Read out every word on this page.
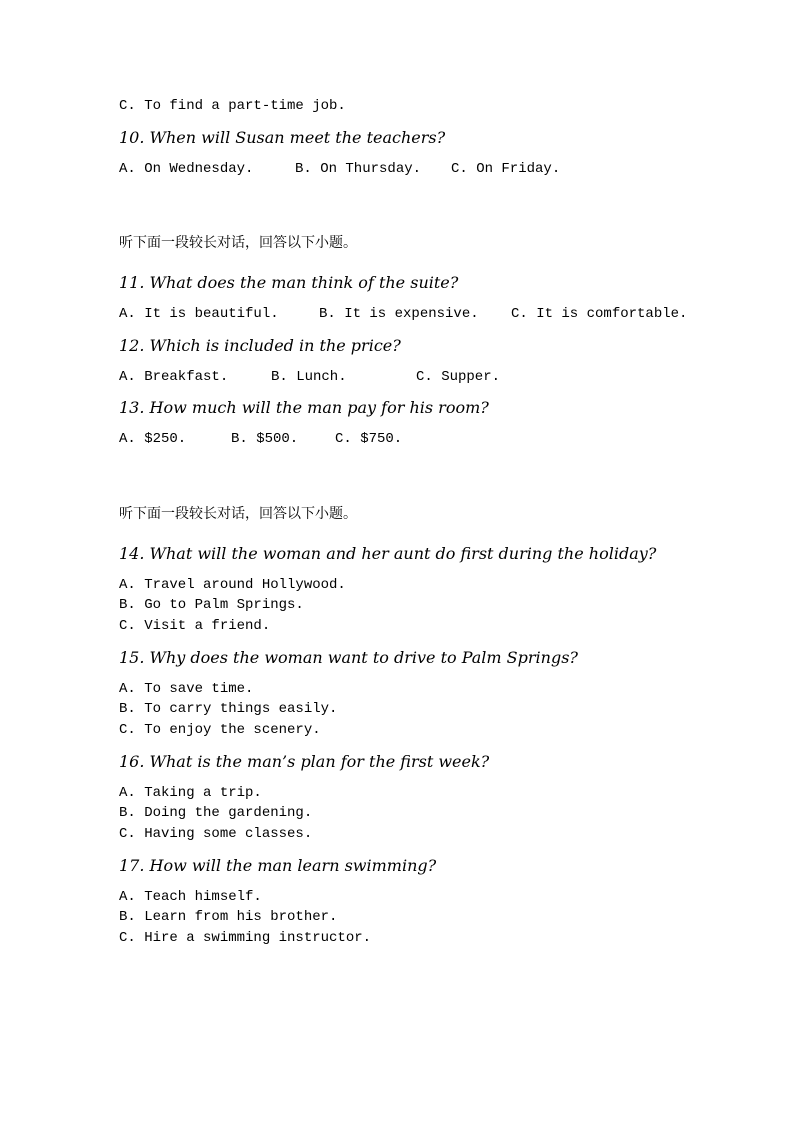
C. To find a part-time job.
10. When will Susan meet the teachers?

A. On Wednesday.

	B. On Thursday.

C. On Friday.

听下面一段较长对话，回答以下小题。
11. What does the man think of the suite?

A. It is beautiful.

	B. It is expensive.

C. It is comfortable.

12. Which is included in the price?

A. Breakfast.

	B. Lunch.

	C. Supper.

13. How much will the man pay for his room?

A. $250.

	B. $500.

	C. $750.

听下面一段较长对话，回答以下小题。
14. What will the woman and her aunt do first during the holiday?
A. Travel around Hollywood.
B. Go to Palm Springs.
C. Visit a friend.
15. Why does the woman want to drive to Palm Springs?
A. To save time.
B. To carry things easily.
C. To enjoy the scenery.
16. What is the man’s plan for the first week?
A. Taking a trip.
B. Doing the gardening.
C. Having some classes.
17. How will the man learn swimming?
A. Teach himself.
B. Learn from his brother.
C. Hire a swimming instructor.
